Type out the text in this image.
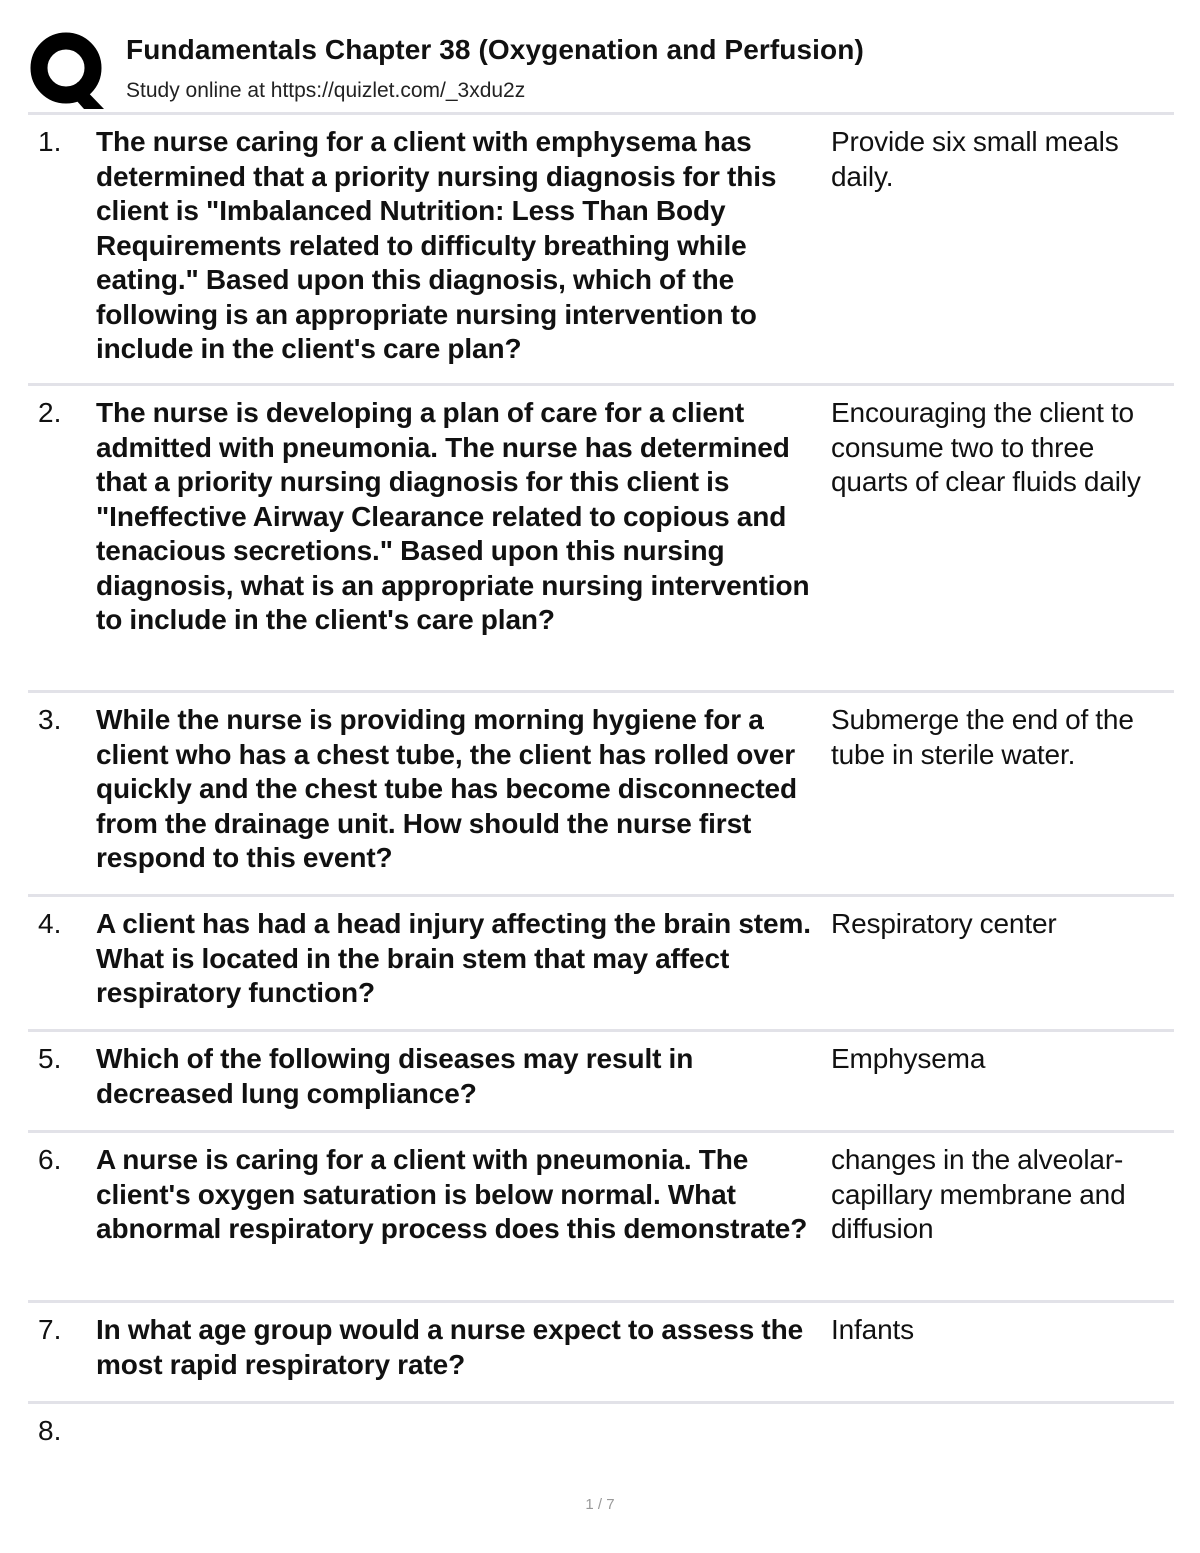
Fundamentals Chapter 38 (Oxygenation and Perfusion)
Study online at https://quizlet.com/_3xdu2z
1.	The nurse caring for a client with emphysema has determined that a priority nursing diagnosis for this client is "Imbalanced Nutrition: Less Than Body Requirements related to difficulty breathing while eating." Based upon this diagnosis, which of the following is an appropriate nursing intervention to include in the client's care plan?
Provide six small meals daily.
2.	The nurse is developing a plan of care for a client admitted with pneumonia. The nurse has determined that a priority nursing diagnosis for this client is "Ineffective Airway Clearance related to copious and tenacious secretions." Based upon this nursing diagnosis, what is an appropriate nursing intervention to include in the client's care plan?
Encouraging the client to consume two to three quarts of clear fluids daily
3.	While the nurse is providing morning hygiene for a client who has a chest tube, the client has rolled over quickly and the chest tube has become disconnected from the drainage unit. How should the nurse first respond to this event?
Submerge the end of the tube in sterile water.
4.	A client has had a head injury affecting the brain stem. What is located in the brain stem that may affect respiratory function?
Respiratory center
5.	Which of the following diseases may result in decreased lung compliance?
Emphysema
6.	A nurse is caring for a client with pneumonia. The client's oxygen saturation is below normal. What abnormal respiratory process does this demonstrate?
changes in the alveolar-capillary membrane and diffusion
7.	In what age group would a nurse expect to assess the most rapid respiratory rate?
Infants
8.
1 / 7
